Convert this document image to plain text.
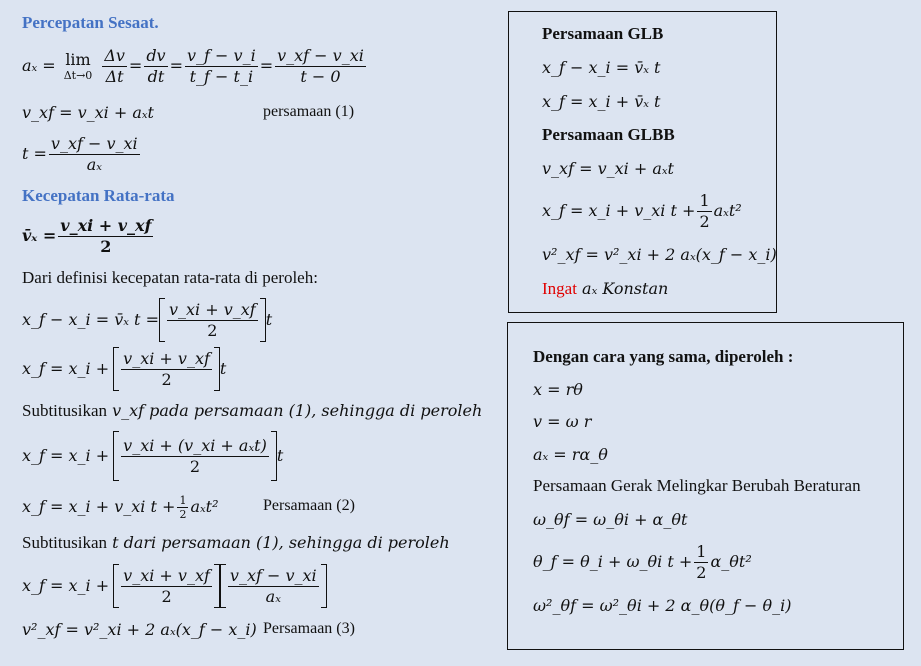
Percepatan Sesaat.
aₓ = lim
$\Delta t\to 0 \frac{\Delta v}{\Delta t} = \frac{dv}{dt} = \frac{v\_f - v\_i}{t\_f - t\_i} = \frac{v\_xf - v\_xi}{t - 0}$
v_xf = v_xi + aₓt	persamaan (1)
$t = \frac{v\_xf - v\_xi}{\text{aₓ}}$
Kecepatan Rata-rata
v̄ₓ = $\frac{v\_xi + v\_xf}{2}$
Dari definisi kecepatan rata-rata di peroleh:
x_f − x_i = v̄ₓ $t = \frac{v\_xi + v\_xf}{2}$ t
x_f = x_i + $\frac{v\_xi + v\_xf}{2}$ t
Subtitusikan v_xf pada persamaan (1), sehingga di peroleh
x_f = x_i + $\frac{\text{v\_xi + (v\_xi + aₓt)}}{2}$ t
x_f = x_i + v_xi $t + \frac{1}{2} a_xt^2$	Persamaan (2)
Subtitusikan t dari persamaan (1), sehingga di peroleh
x_f = x_i + $\frac{v\_xi + v\_xf}{2} \frac{v\_xf - v\_xi}{\text{aₓ}}$
v²_xf = v²_xi + 2 aₓ(x_f − x_i) Persamaan (3)
Persamaan GLB
x_f − x_i = v̄ₓ t
x_f = x_i + v̄ₓ t
Persamaan GLBB
v_xf = v_xi + aₓt
x_f = x_i + v_xi $t + \frac{1}{2} a_xt^2$
v²_xf = v²_xi + 2 aₓ(x_f − x_i)
Ingat aₓ Konstan
Dengan cara yang sama, diperoleh :
x = rθ
v = ω r
aₓ = rα_θ
Persamaan Gerak Melingkar Berubah Beraturan
ω_θf = ω_θi + α_θt
θ_f = θ_i + ω_θi $t + \frac{1}{2}$ α_θt²
ω²_θf = ω²_θi + 2 α_θ(θ_f − θ_i)
